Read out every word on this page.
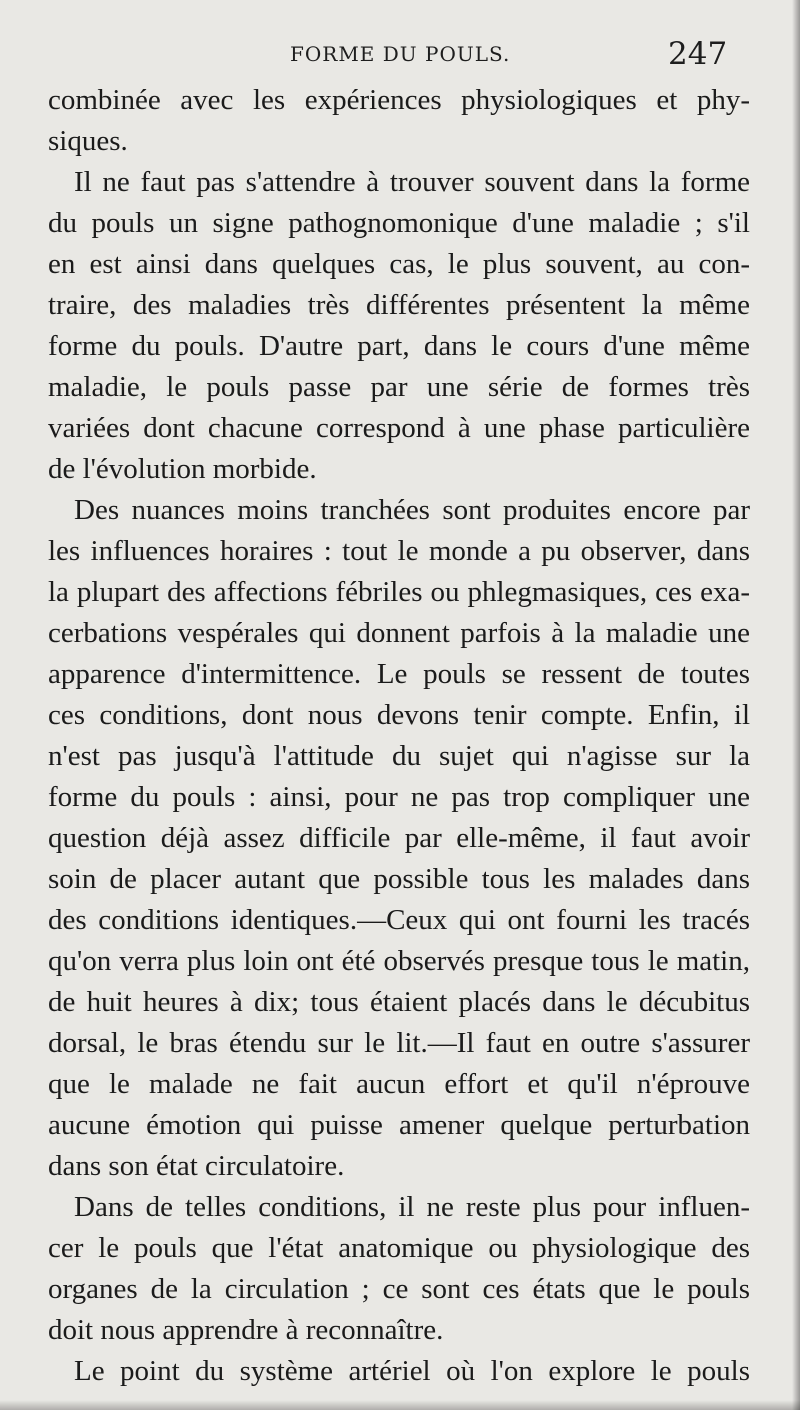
FORME DU POULS.	247
combinée avec les expériences physiologiques et phy-
siques.
Il ne faut pas s'attendre à trouver souvent dans la forme
du pouls un signe pathognomonique d'une maladie ; s'il
en est ainsi dans quelques cas, le plus souvent, au con-
traire, des maladies très différentes présentent la même
forme du pouls. D'autre part, dans le cours d'une même
maladie, le pouls passe par une série de formes très
variées dont chacune correspond à une phase particulière
de l'évolution morbide.
Des nuances moins tranchées sont produites encore par
les influences horaires : tout le monde a pu observer, dans
la plupart des affections fébriles ou phlegmasiques, ces exa-
cerbations vespérales qui donnent parfois à la maladie une
apparence d'intermittence. Le pouls se ressent de toutes
ces conditions, dont nous devons tenir compte. Enfin, il
n'est pas jusqu'à l'attitude du sujet qui n'agisse sur la
forme du pouls : ainsi, pour ne pas trop compliquer une
question déjà assez difficile par elle-même, il faut avoir
soin de placer autant que possible tous les malades dans
des conditions identiques.—Ceux qui ont fourni les tracés
qu'on verra plus loin ont été observés presque tous le matin,
de huit heures à dix; tous étaient placés dans le décubitus
dorsal, le bras étendu sur le lit.—Il faut en outre s'assurer
que le malade ne fait aucun effort et qu'il n'éprouve
aucune émotion qui puisse amener quelque perturbation
dans son état circulatoire.
Dans de telles conditions, il ne reste plus pour influen-
cer le pouls que l'état anatomique ou physiologique des
organes de la circulation ; ce sont ces états que le pouls
doit nous apprendre à reconnaître.
Le point du système artériel où l'on explore le pouls
